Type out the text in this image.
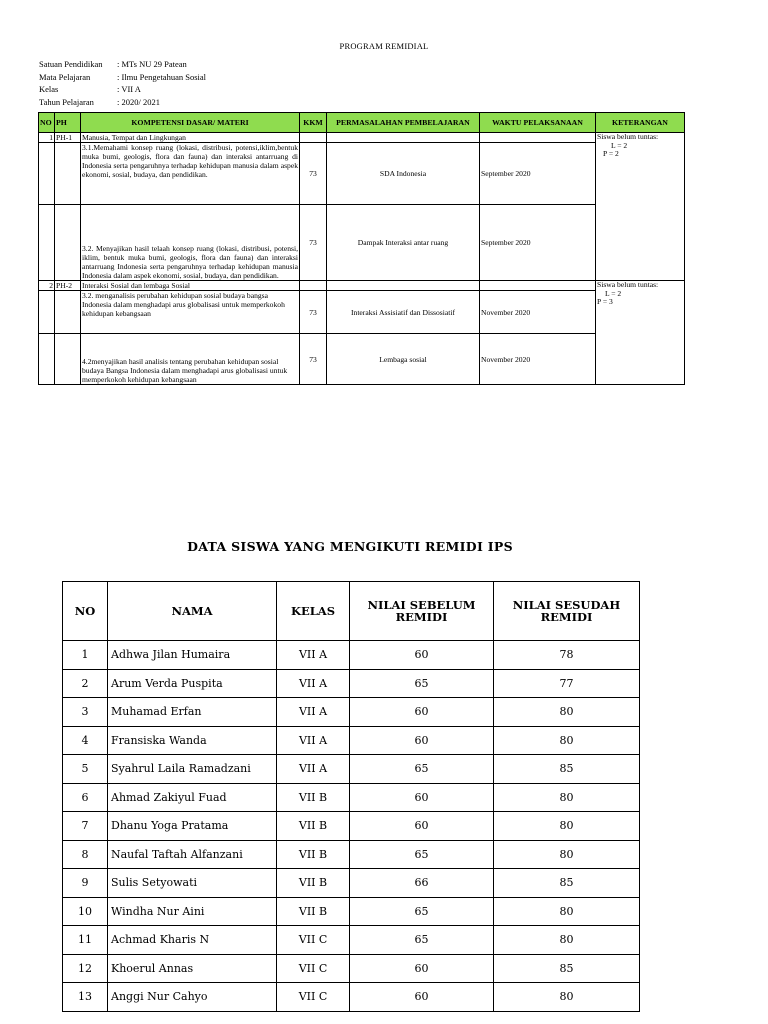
PROGRAM REMIDIAL
Satuan Pendidikan	: MTs NU 29 Patean
Mata Pelajaran	: Ilmu Pengetahuan Sosial
Kelas	: VII A
Tahun Pelajaran	: 2020/ 2021
NO	PH	KOMPETENSI DASAR/ MATERI	KKM	PERMASALAHAN PEMBELAJARAN	WAKTU PELAKSANAAN	KETERANGAN
1	PH-1	Manusia, Tempat dan Lingkungan				Siswa belum tuntas:
L = 2
P = 2

		3.1.Memahami konsep ruang (lokasi, distribusi, potensi,iklim,bentuk muka bumi, geologis, flora dan fauna) dan interaksi antarruang di Indonesia serta pengaruhnya terhadap kehidupan manusia dalam aspek ekonomi, sosial, budaya, dan pendidikan.	73	SDA Indonesia	September 2020	
		3.2. Menyajikan hasil telaah konsep ruang (lokasi, distribusi, potensi, iklim, bentuk muka bumi, geologis, flora dan fauna) dan interaksi antarruang Indonesia serta pengaruhnya terhadap kehidupan manusia Indonesia dalam aspek ekonomi, sosial, budaya, dan pendidikan.	73	Dampak Interaksi antar ruang	September 2020	
2	PH-2	Interaksi Sosial dan lembaga Sosial				Siswa belum tuntas:
L = 2
P = 3

		3.2. menganalisis perubahan kehidupan sosial budaya bangsa Indonesia dalam menghadapi arus globalisasi untuk memperkokoh kehidupan kebangsaan	73	Interaksi Assisiatif dan Dissosiatif	November 2020	
		4.2menyajikan hasil analisis tentang perubahan kehidupan sosial budaya Bangsa Indonesia dalam menghadapi arus globalisasi untuk memperkokoh kehidupan kebangsaan	73	Lembaga sosial	November 2020	
DATA SISWA YANG MENGIKUTI REMIDI IPS
NO	NAMA	KELAS	NILAI SEBELUM REMIDI	NILAI SESUDAH REMIDI
1	Adhwa Jilan Humaira	VII A	60	78
2	Arum Verda Puspita	VII A	65	77
3	Muhamad Erfan	VII A	60	80
4	Fransiska Wanda	VII A	60	80
5	Syahrul Laila Ramadzani	VII A	65	85
6	Ahmad Zakiyul Fuad	VII B	60	80
7	Dhanu Yoga Pratama	VII B	60	80
8	Naufal Taftah Alfanzani	VII B	65	80
9	Sulis Setyowati	VII B	66	85
10	Windha Nur Aini	VII B	65	80
11	Achmad Kharis N	VII C	65	80
12	Khoerul Annas	VII C	60	85
13	Anggi Nur Cahyo	VII C	60	80
